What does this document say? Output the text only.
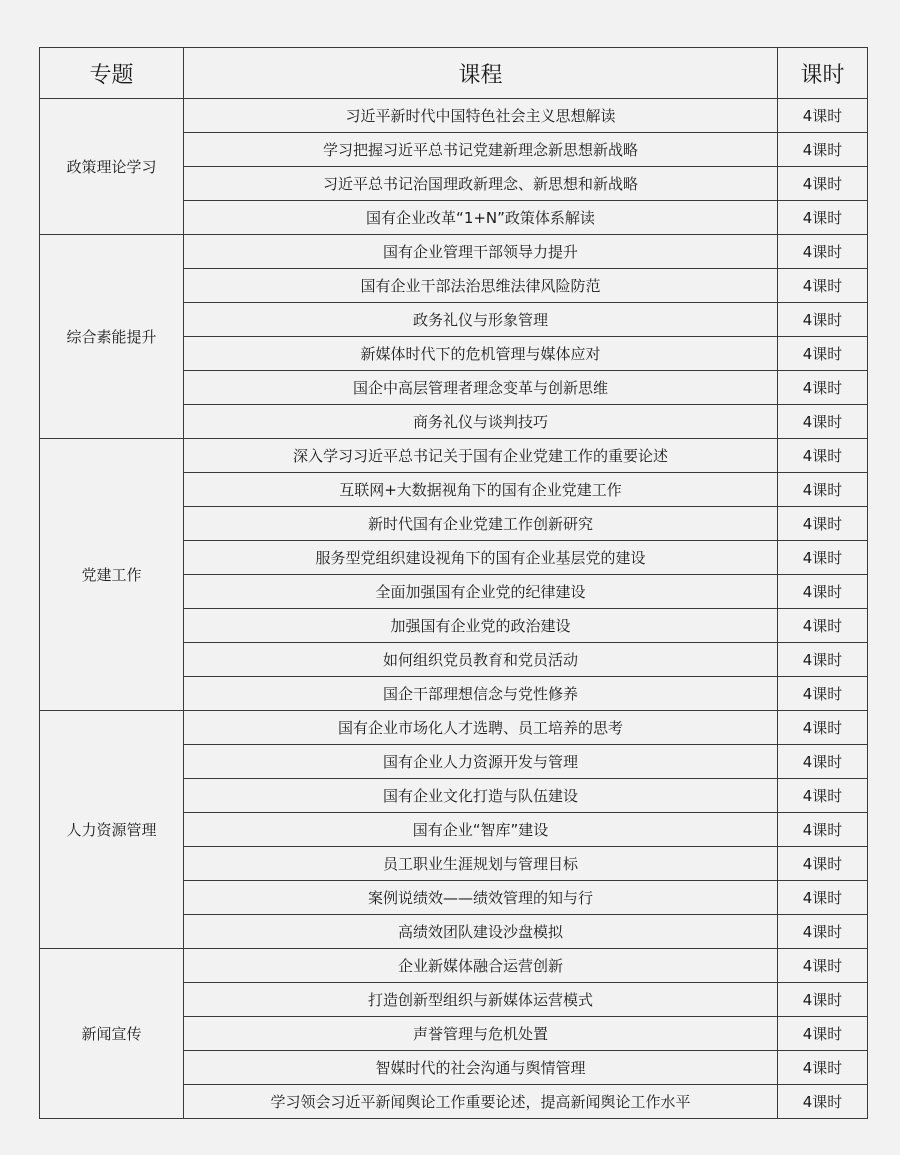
专题	课程	课时
政策理论学习	习近平新时代中国特色社会主义思想解读	4课时
	学习把握习近平总书记党建新理念新思想新战略	4课时
	习近平总书记治国理政新理念、新思想和新战略	4课时
	国有企业改革“1+N”政策体系解读	4课时
综合素能提升	国有企业管理干部领导力提升	4课时
	国有企业干部法治思维法律风险防范	4课时
	政务礼仪与形象管理	4课时
	新媒体时代下的危机管理与媒体应对	4课时
	国企中高层管理者理念变革与创新思维	4课时
	商务礼仪与谈判技巧	4课时
党建工作	深入学习习近平总书记关于国有企业党建工作的重要论述	4课时
	互联网+大数据视角下的国有企业党建工作	4课时
	新时代国有企业党建工作创新研究	4课时
	服务型党组织建设视角下的国有企业基层党的建设	4课时
	全面加强国有企业党的纪律建设	4课时
	加强国有企业党的政治建设	4课时
	如何组织党员教育和党员活动	4课时
	国企干部理想信念与党性修养	4课时
人力资源管理	国有企业市场化人才选聘、员工培养的思考	4课时
	国有企业人力资源开发与管理	4课时
	国有企业文化打造与队伍建设	4课时
	国有企业“智库”建设	4课时
	员工职业生涯规划与管理目标	4课时
	案例说绩效——绩效管理的知与行	4课时
	高绩效团队建设沙盘模拟	4课时
新闻宣传	企业新媒体融合运营创新	4课时
	打造创新型组织与新媒体运营模式	4课时
	声誉管理与危机处置	4课时
	智媒时代的社会沟通与舆情管理	4课时
	学习领会习近平新闻舆论工作重要论述，提高新闻舆论工作水平	4课时
